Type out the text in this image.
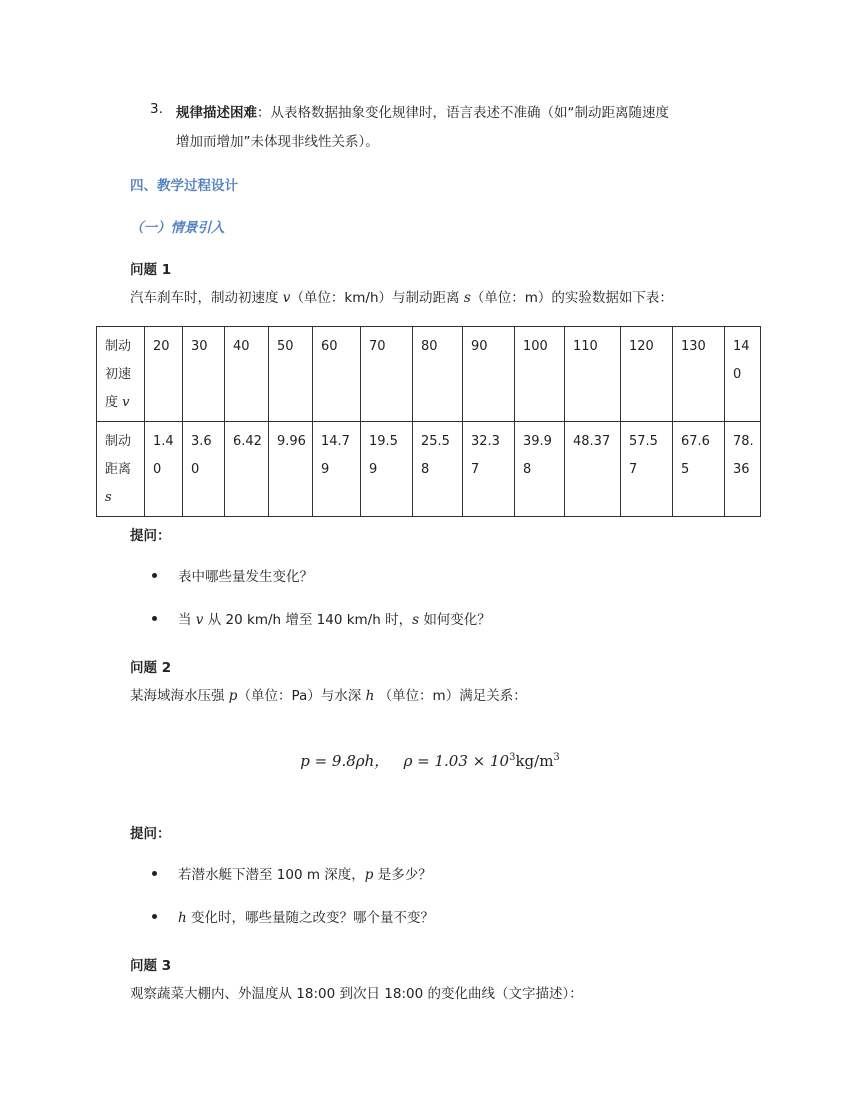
3. 规律描述困难：从表格数据抽象变化规律时，语言表述不准确（如“制动距离随速度
增加而增加”未体现非线性关系）。
四、教学过程设计
（一）情景引入
问题 1
汽车刹车时，制动初速度 v（单位：km/h）与制动距离 s（单位：m）的实验数据如下表：
制动初速度 v	20	30	40	50	60	70	80	90	100	110	120	130	140
制动距离 s	1.40	3.60	6.42	9.96	14.79	19.59	25.58	32.37	39.98	48.37	57.57	67.65	78.36
提问：
表中哪些量发生变化？
当 v 从 20 km/h 增至 140 km/h 时，s 如何变化？
问题 2
某海域海水压强 p（单位：Pa）与水深 ℎ （单位：m）满足关系：
p = 9.8ρℎ， $\rho = 1.03 \times 10^3kg/m^3$
提问：
若潜水艇下潜至 100 m 深度，p 是多少？
ℎ 变化时，哪些量随之改变？哪个量不变？
问题 3
观察蔬菜大棚内、外温度从 18:00 到次日 18:00 的变化曲线（文字描述）：
